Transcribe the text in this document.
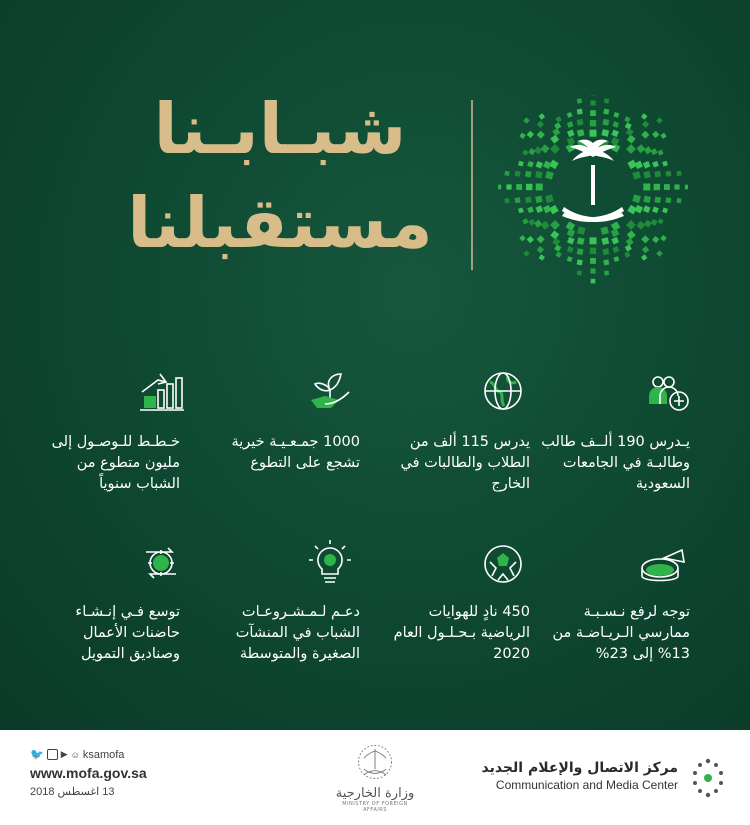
شبـابـنا
مستقبلنا
يـدرس 190 ألــف طالب وطالبـة في الجامعات السعودية
يدرس 115 ألف من الطلاب والطالبات في الخارج
1000 جمـعـيـة خيرية تشجع على التطوع
خـطـط للـوصـول إلى مليون متطوع من الشباب سنوياً
توجه لرفع نـسـبـة ممارسي الـريـاضـة من 13% إلى 23%
450 نادٍ للهوايات الرياضية بـحـلـول العام 2020
دعـم لـمـشـروعـات الشباب في المنشآت الصغيرة والمتوسطة
توسع فـي إنـشـاء حاضنات الأعمال وصناديق التمويل
🐦 ▶ ☺ ksamofa
www.mofa.gov.sa
13 اغسطس 2018	وزارة الخارجية
MINISTRY OF FOREIGN AFFAIRS
مركز الاتصال والإعلام الجديد
Communication and Media Center
